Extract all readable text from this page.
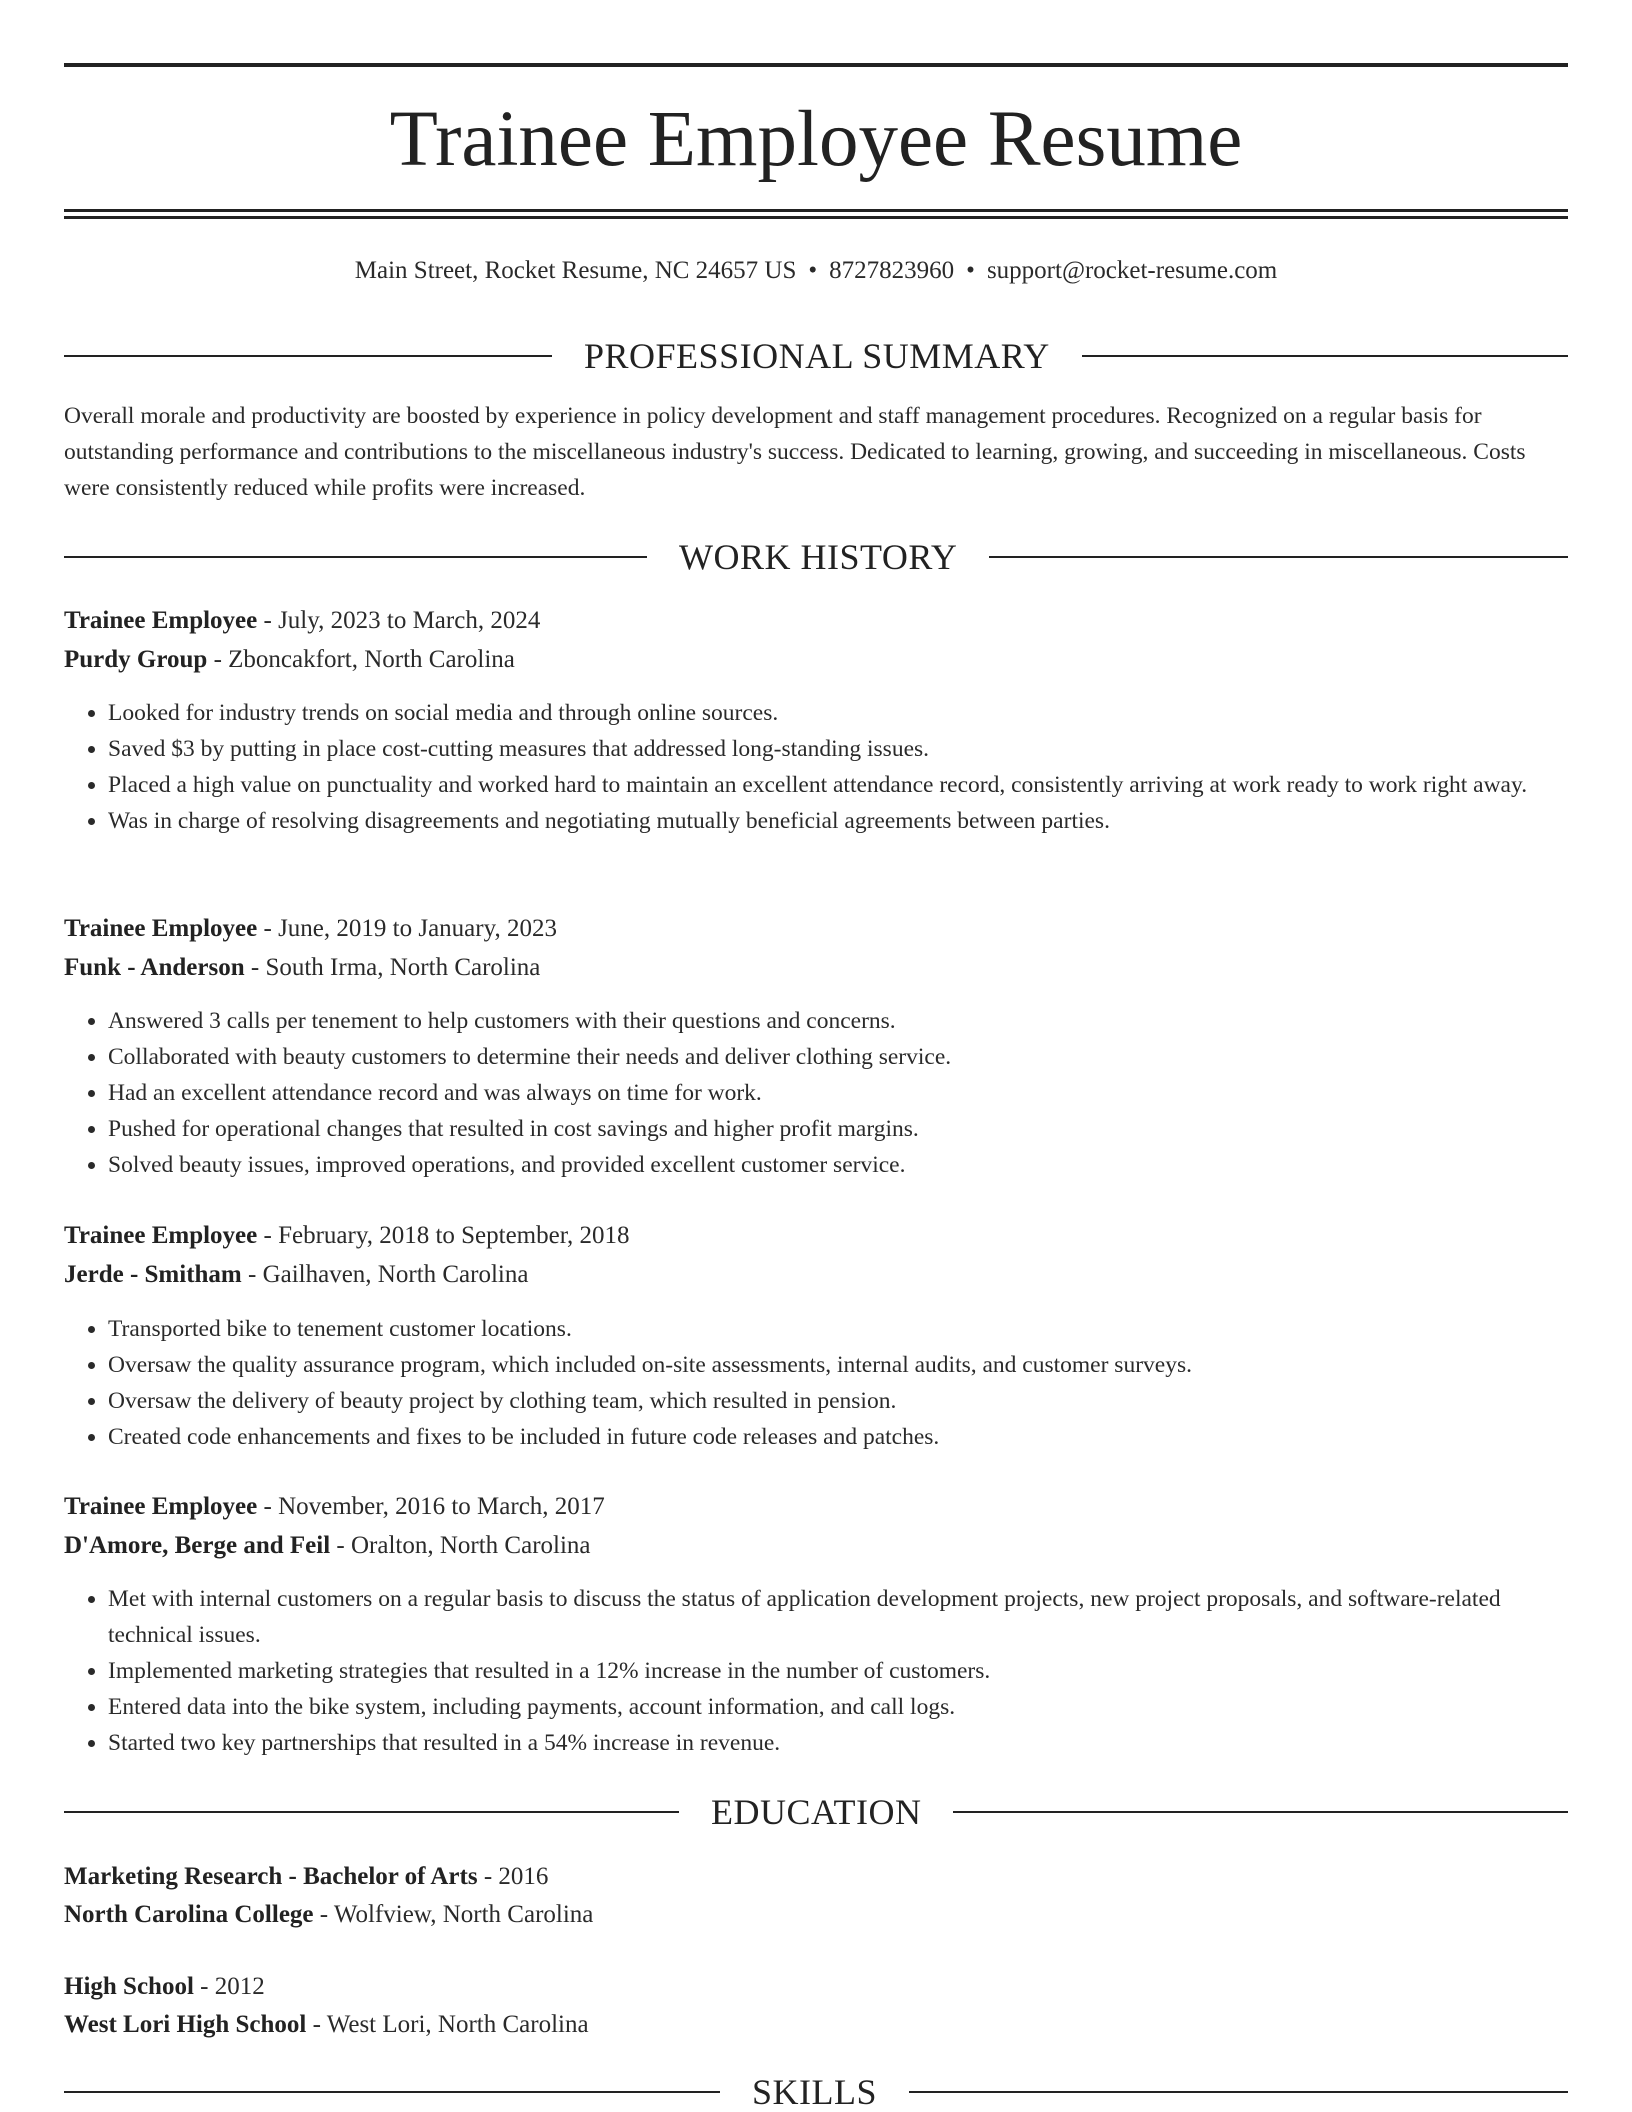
Trainee Employee Resume
Main Street, Rocket Resume, NC 24657 US • 8727823960 • support@rocket-resume.com
PROFESSIONAL SUMMARY
Overall morale and productivity are boosted by experience in policy development and staff management procedures. Recognized on a regular basis for outstanding performance and contributions to the miscellaneous industry's success. Dedicated to learning, growing, and succeeding in miscellaneous. Costs were consistently reduced while profits were increased.
WORK HISTORY
Trainee Employee - July, 2023 to March, 2024
Purdy Group - Zboncakfort, North Carolina
• Looked for industry trends on social media and through online sources.
• Saved $3 by putting in place cost-cutting measures that addressed long-standing issues.
• Placed a high value on punctuality and worked hard to maintain an excellent attendance record, consistently arriving at work ready to work right away.
• Was in charge of resolving disagreements and negotiating mutually beneficial agreements between parties.
Trainee Employee - June, 2019 to January, 2023
Funk - Anderson - South Irma, North Carolina
• Answered 3 calls per tenement to help customers with their questions and concerns.
• Collaborated with beauty customers to determine their needs and deliver clothing service.
• Had an excellent attendance record and was always on time for work.
• Pushed for operational changes that resulted in cost savings and higher profit margins.
• Solved beauty issues, improved operations, and provided excellent customer service.
Trainee Employee - February, 2018 to September, 2018
Jerde - Smitham - Gailhaven, North Carolina
• Transported bike to tenement customer locations.
• Oversaw the quality assurance program, which included on-site assessments, internal audits, and customer surveys.
• Oversaw the delivery of beauty project by clothing team, which resulted in pension.
• Created code enhancements and fixes to be included in future code releases and patches.
Trainee Employee - November, 2016 to March, 2017
D'Amore, Berge and Feil - Oralton, North Carolina
• Met with internal customers on a regular basis to discuss the status of application development projects, new project proposals, and software-related technical issues.
• Implemented marketing strategies that resulted in a 12% increase in the number of customers.
• Entered data into the bike system, including payments, account information, and call logs.
• Started two key partnerships that resulted in a 54% increase in revenue.
EDUCATION
Marketing Research - Bachelor of Arts - 2016
North Carolina College - Wolfview, North Carolina
High School - 2012
West Lori High School - West Lori, North Carolina
SKILLS
